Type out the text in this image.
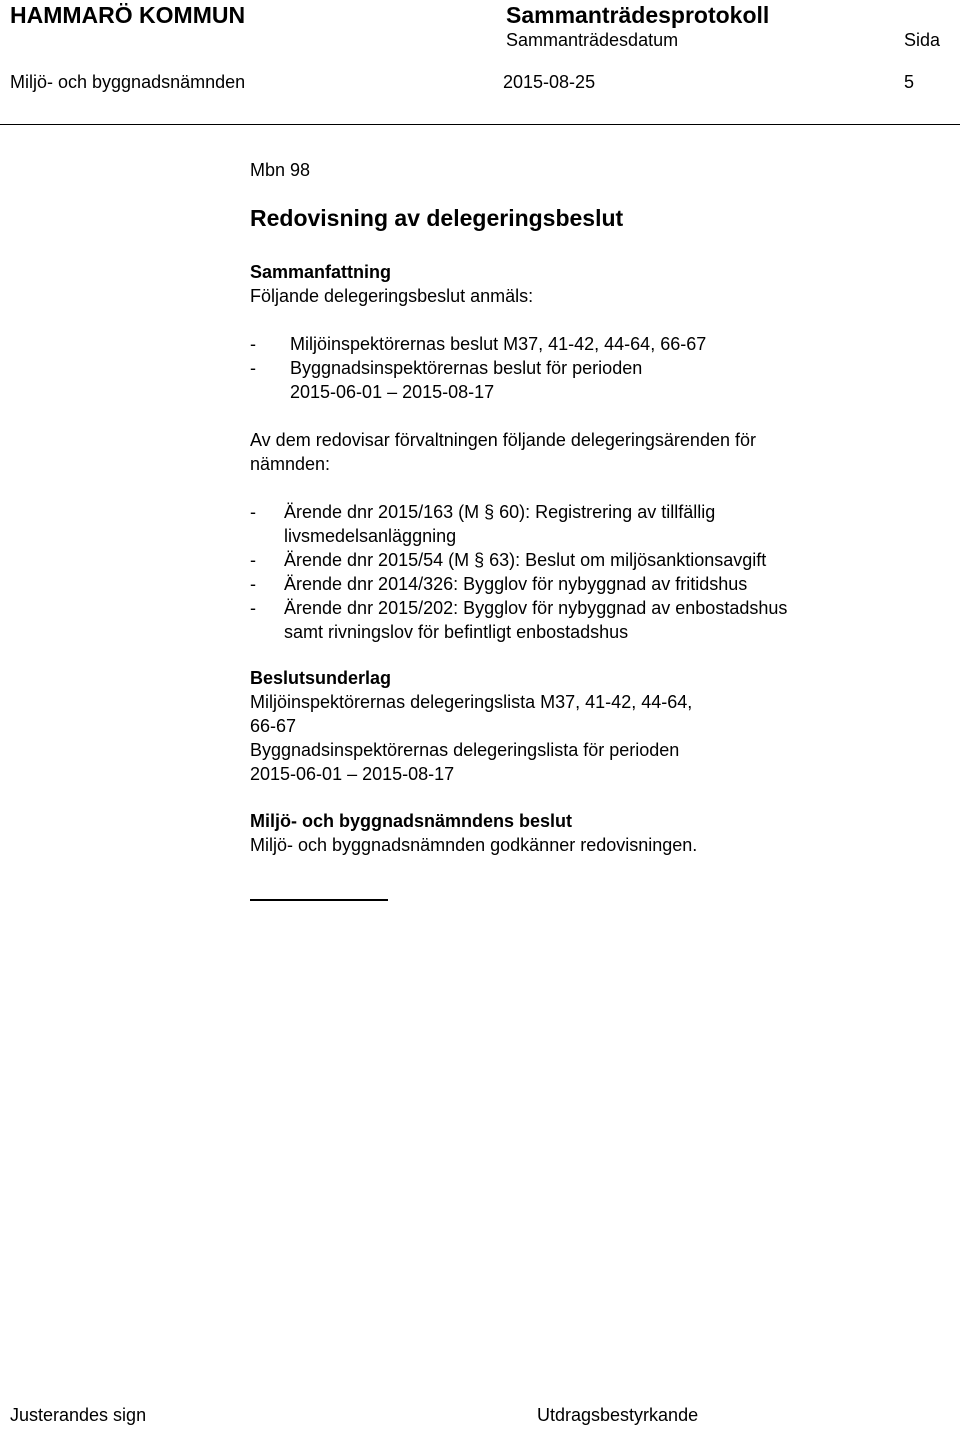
HAMMARÖ KOMMUN	Sammanträdesprotokoll
Sammanträdesdatum	Sida
Miljö- och byggnadsnämnden	2015-08-25	5
Mbn 98
Redovisning av delegeringsbeslut
Sammanfattning
Följande delegeringsbeslut anmäls:
- Miljöinspektörernas beslut M37, 41-42, 44-64, 66-67
- Byggnadsinspektörernas beslut för perioden
2015-06-01 – 2015-08-17
Av dem redovisar förvaltningen följande delegeringsärenden för
nämnden:
- Ärende dnr 2015/163 (M § 60): Registrering av tillfällig
livsmedelsanläggning
- Ärende dnr 2015/54 (M § 63): Beslut om miljösanktionsavgift
- Ärende dnr 2014/326: Bygglov för nybyggnad av fritidshus
- Ärende dnr 2015/202: Bygglov för nybyggnad av enbostadshus
samt rivningslov för befintligt enbostadshus
Beslutsunderlag
Miljöinspektörernas delegeringslista M37, 41-42, 44-64,
66-67
Byggnadsinspektörernas delegeringslista för perioden
2015-06-01 – 2015-08-17
Miljö- och byggnadsnämndens beslut
Miljö- och byggnadsnämnden godkänner redovisningen.
Justerandes sign	Utdragsbestyrkande
